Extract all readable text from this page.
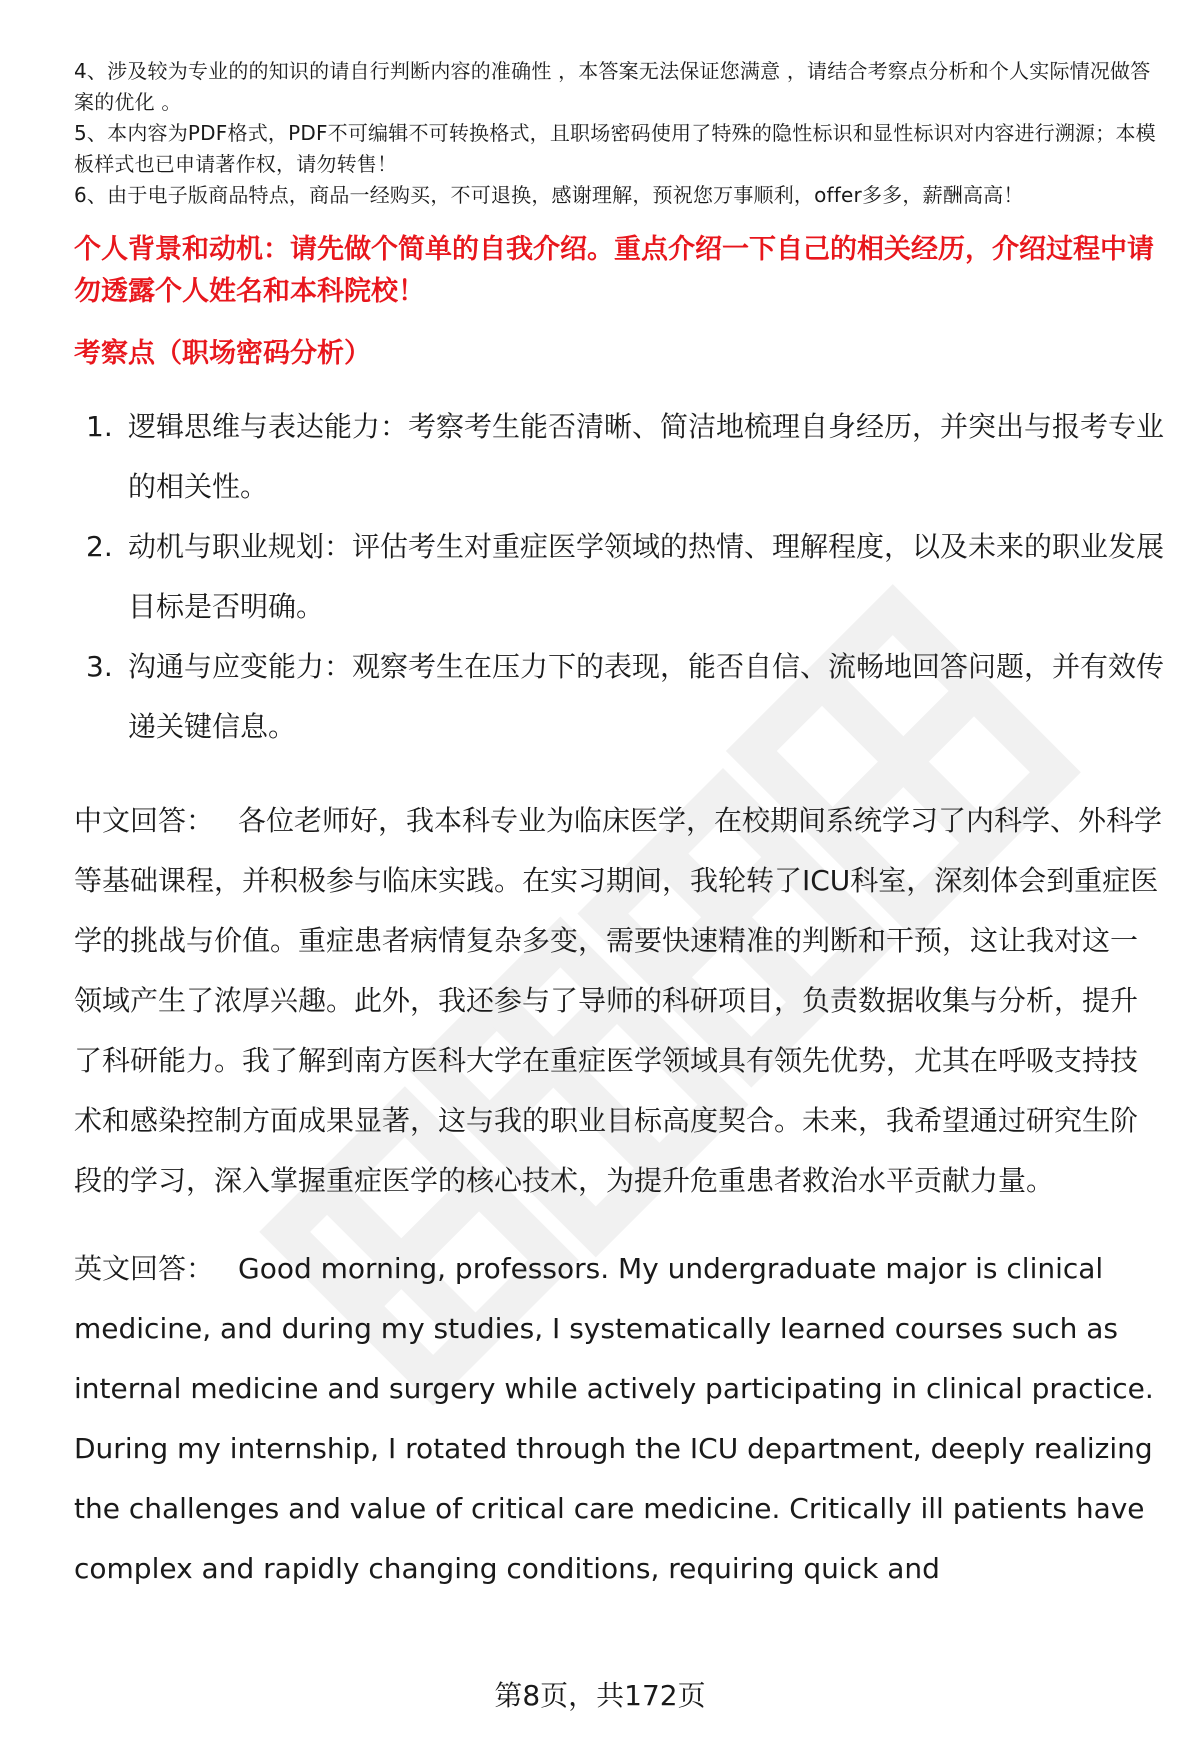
4、涉及较为专业的的知识的请自行判断内容的准确性 ，本答案无法保证您满意 ，请结合考察点分析和个人实际情况做答案的优化 。

5、本内容为PDF格式，PDF不可编辑不可转换格式，且职场密码使用了特殊的隐性标识和显性标识对内容进行溯源；本模板样式也已申请著作权，请勿转售！

6、由于电子版商品特点，商品一经购买，不可退换，感谢理解，预祝您万事顺利，offer多多，薪酬高高！

个人背景和动机：请先做个简单的自我介绍。重点介绍一下自己的相关经历，介绍过程中请勿透露个人姓名和本科院校！
考察点（职场密码分析）
1. 逻辑思维与表达能力：考察考生能否清晰、简洁地梳理自身经历，并突出与报考专业的相关性。
2. 动机与职业规划：评估考生对重症医学领域的热情、理解程度，以及未来的职业发展目标是否明确。
3. 沟通与应变能力：观察考生在压力下的表现，能否自信、流畅地回答问题，并有效传递关键信息。

中文回答： 各位老师好，我本科专业为临床医学，在校期间系统学习了内科学、外科学等基础课程，并积极参与临床实践。在实习期间，我轮转了ICU科室，深刻体会到重症医学的挑战与价值。重症患者病情复杂多变，需要快速精准的判断和干预，这让我对这一领域产生了浓厚兴趣。此外，我还参与了导师的科研项目，负责数据收集与分析，提升了科研能力。我了解到南方医科大学在重症医学领域具有领先优势，尤其在呼吸支持技术和感染控制方面成果显著，这与我的职业目标高度契合。未来，我希望通过研究生阶段的学习，深入掌握重症医学的核心技术，为提升危重患者救治水平贡献力量。

英文回答： Good morning, professors. My undergraduate major is clinical medicine, and during my studies, I systematically learned courses such as internal medicine and surgery while actively participating in clinical practice. During my internship, I rotated through the ICU department, deeply realizing the challenges and value of critical care medicine. Critically ill patients have complex and rapidly changing conditions, requiring quick and

第8页，共172页
